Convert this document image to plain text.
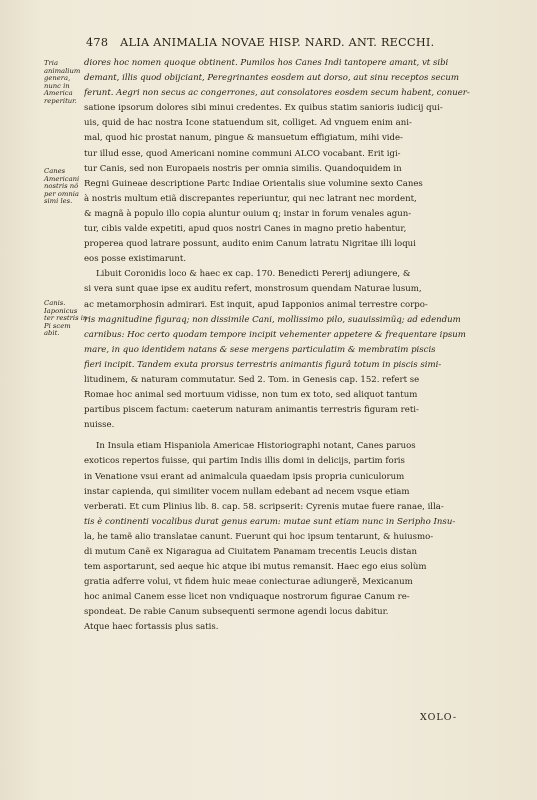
478 ALIA ANIMALIA NOVAE HISP. NARD. ANT. RECCHI.
Tria animalium genera, nunc in America reperitur.
Canes Americani nostris nô per omnia simi les.
Canis. Iaponicus ter restris in Pi scem abit.
diores hoc nomen quoque obtinent. Pumilos hos Canes Indi tantopere amant, vt sibi
demant, illis quod obijciant, Peregrinantes eosdem aut dorso, aut sinu receptos secum
ferunt. Aegri non secus ac congerrones, aut consolatores eosdem secum habent, conuer-
satione ipsorum dolores sibi minui credentes. Ex quibus statim sanioris iudicij qui-
uis, quid de hac nostra Icone statuendum sit, colliget. Ad vnguem enim ani-
mal, quod hic prostat nanum, pingue & mansuetum effigiatum, mihi vide-
tur illud esse, quod Americani nomine communi ALCO vocabant. Erit igi-
tur Canis, sed non Europaeis nostris per omnia similis. Quandoquidem in
Regni Guineae descriptione Partc Indiae Orientalis siue volumine sexto Canes
à nostris multum etiã discrepantes reperiuntur, qui nec latrant nec mordent,
& magnã à populo illo copia aluntur ouium q; instar in forum venales agun-
tur, cibis valde expetiti, apud quos nostri Canes in magno pretio habentur,
properea quod latrare possunt, audito enim Canum latratu Nigritae illi loqui
eos posse existimarunt.
Libuit Coronidis loco & haec ex cap. 170. Benedicti Pererij adiungere, &
si vera sunt quae ipse ex auditu refert, monstrosum quendam Naturae lusum,
ac metamorphosin admirari. Est inquit, apud Iapponios animal terrestre corpo-
ris magnitudine figuraq; non dissimile Cani, mollissimo pilo, suauissimũq; ad edendum
carnibus: Hoc certo quodam tempore incipit vehementer appetere & frequentare ipsum
mare, in quo identidem natans & sese mergens particulatim & membratim piscis
fieri incipit. Tandem exuta prorsus terrestris animantis figurâ totum in piscis simi-
litudinem, & naturam commutatur. Sed 2. Tom. in Genesis cap. 152. refert se
Romae hoc animal sed mortuum vidisse, non tum ex toto, sed aliquot tantum
partibus piscem factum: caeterum naturam animantis terrestris figuram reti-
nuisse.
In Insula etiam Hispaniola Americae Historiographi notant, Canes paruos
exoticos repertos fuisse, qui partim Indis illis domi in delicijs, partim foris
in Venatione vsui erant ad animalcula quaedam ipsis propria cuniculorum
instar capienda, qui similiter vocem nullam edebant ad necem vsque etiam
verberati. Et cum Plinius lib. 8. cap. 58. scripserit: Cyrenis mutae fuere ranae, illa-
tis è continenti vocalibus durat genus earum: mutae sunt etiam nunc in Seripho Insu-
la, he tamẽ alio translatae canunt. Fuerunt qui hoc ipsum tentarunt, & huiusmo-
di mutum Canẽ ex Nigaragua ad Ciuitatem Panamam trecentis Leucis distan
tem asportarunt, sed aeque hic atque ibi mutus remansit. Haec ego eius solùm
gratia adferre volui, vt fidem huic meae coniecturae adiungerẽ, Mexicanum
hoc animal Canem esse licet non vndiquaque nostrorum figurae Canum re-
spondeat. De rabie Canum subsequenti sermone agendi locus dabitur.
Atque haec fortassis plus satis.
XOLO-
